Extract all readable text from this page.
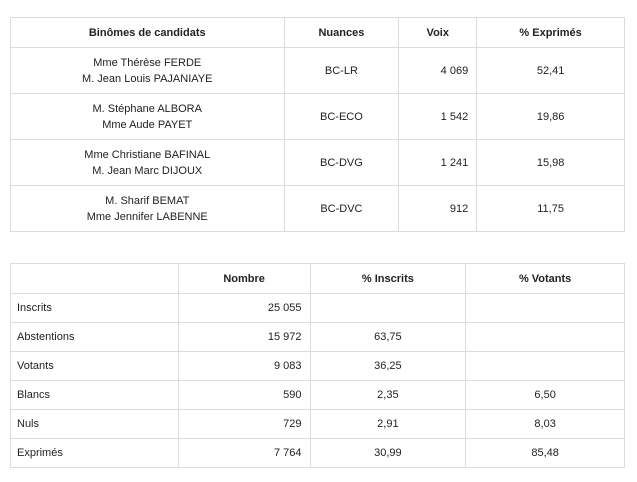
Binômes de candidats	Nuances	Voix	% Exprimés

Mme Thérèse FERDE
M. Jean Louis PAJANIAYE	BC-LR	4 069	52,41

M. Stéphane ALBORA
Mme Aude PAYET	BC-ECO	1 542	19,86

Mme Christiane BAFINAL
M. Jean Marc DIJOUX	BC-DVG	1 241	15,98

M. Sharif BEMAT
Mme Jennifer LABENNE	BC-DVC	912	11,75
	Nombre	% Inscrits	% Votants
Inscrits	25 055		
Abstentions	15 972	63,75	
Votants	9 083	36,25	
Blancs	590	2,35	6,50
Nuls	729	2,91	8,03
Exprimés	7 764	30,99	85,48
